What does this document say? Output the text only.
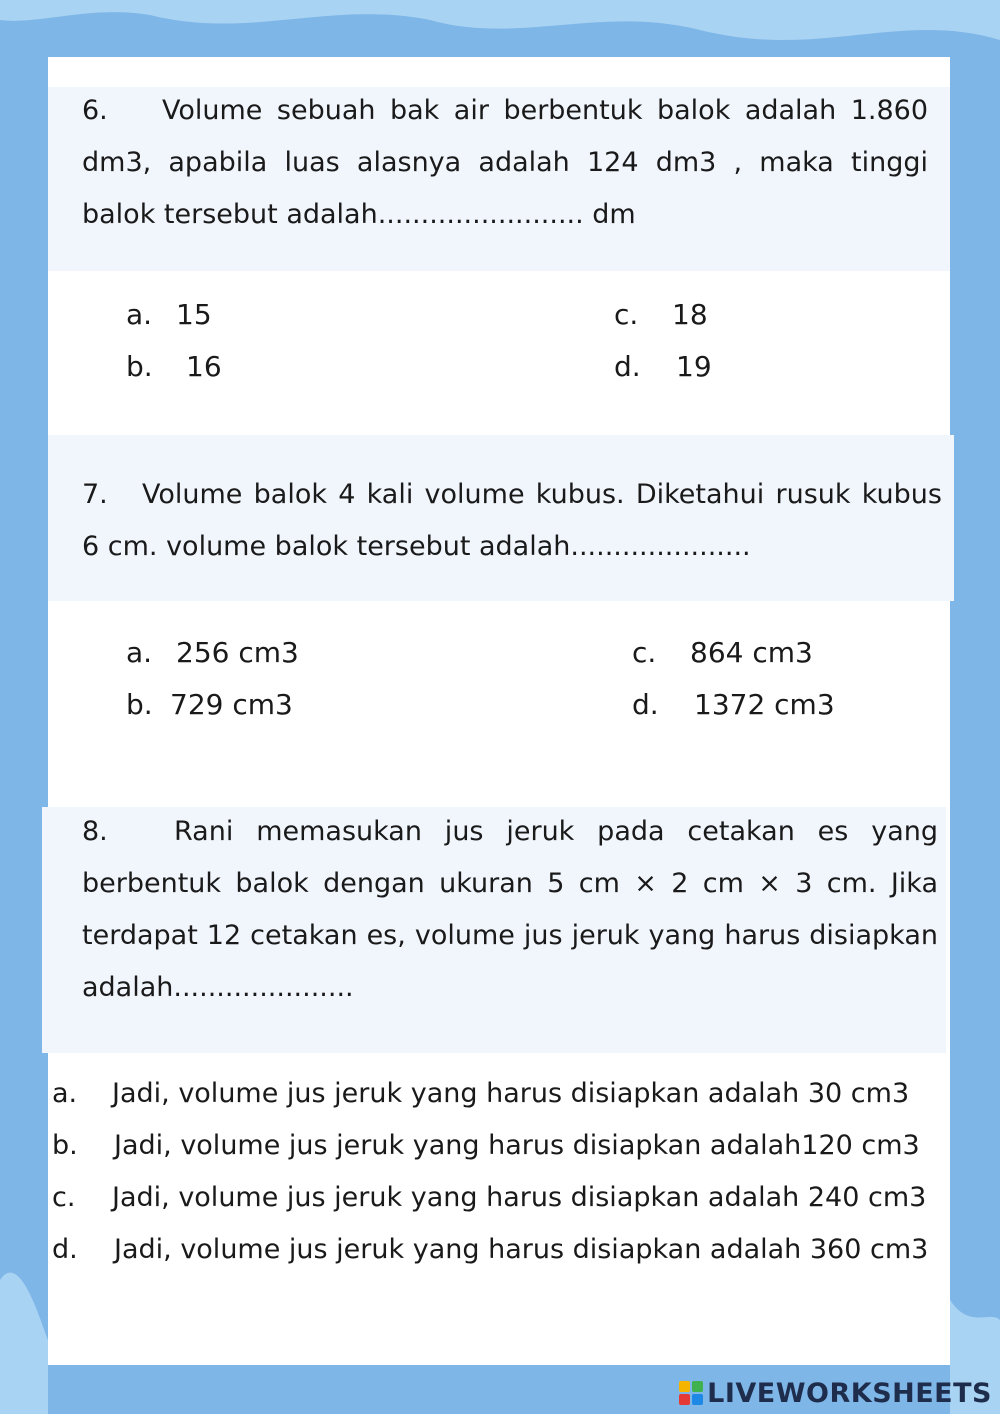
6. Volume sebuah bak air berbentuk balok adalah 1.860 dm3, apabila luas alasnya adalah 124 dm3 , maka tinggi balok tersebut adalah........................ dm
a. 15
b. 16
c. 18
d. 19
7. Volume balok 4 kali volume kubus. Diketahui rusuk kubus 6 cm. volume balok tersebut adalah.....................
a. 256 cm3
b. 729 cm3
c. 864 cm3
d. 1372 cm3
8. Rani memasukan jus jeruk pada cetakan es yang berbentuk balok dengan ukuran 5 cm × 2 cm × 3 cm. Jika terdapat 12 cetakan es, volume jus jeruk yang harus disiapkan adalah.....................
a. Jadi, volume jus jeruk yang harus disiapkan adalah 30 cm3
b. Jadi, volume jus jeruk yang harus disiapkan adalah120 cm3
c. Jadi, volume jus jeruk yang harus disiapkan adalah 240 cm3
d. Jadi, volume jus jeruk yang harus disiapkan adalah 360 cm3
LIVEWORKSHEETS
